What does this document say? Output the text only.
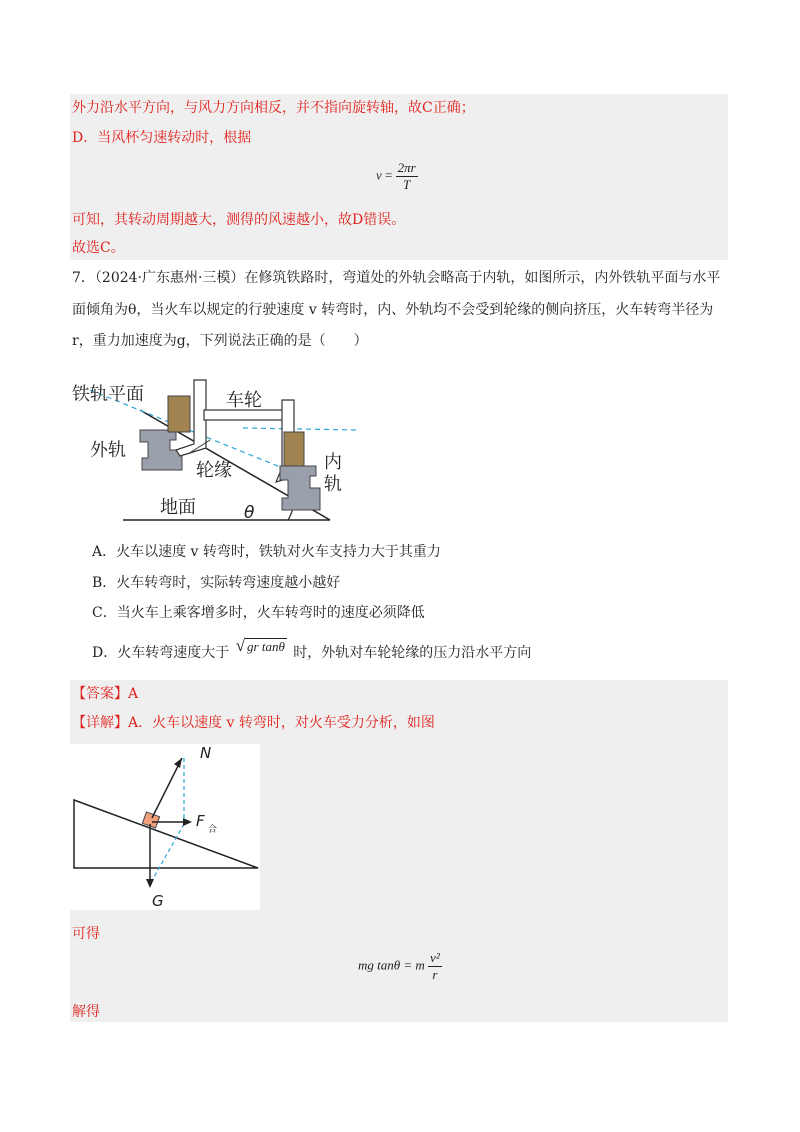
外力沿水平方向，与风力方向相反，并不指向旋转轴，故C正确；
D．当风杯匀速转动时，根据
$v = \frac{2\pi r}{T}$
可知，其转动周期越大，测得的风速越小，故D错误。
故选C。
7．（2024·广东惠州·三模）在修筑铁路时，弯道处的外轨会略高于内轨，如图所示，内外铁轨平面与水平
面倾角为θ，当火车以规定的行驶速度 v 转弯时，内、外轨均不会受到轮缘的侧向挤压，火车转弯半径为
r，重力加速度为g，下列说法正确的是（　　）
铁轨平面	车轮
外轨
轮缘	内
轨
地面	θ
A．火车以速度 v 转弯时，铁轨对火车支持力大于其重力
B．火车转弯时，实际转弯速度越小越好
C．当火车上乘客增多时，火车转弯时的速度必须降低
D．火车转弯速度大于 √ gr tanθ 时，外轨对车轮轮缘的压力沿水平方向
【答案】A
【详解】A．火车以速度 v 转弯时，对火车受力分析，如图
N
F 合
G
可得
mg tanθ = m $\frac{\text{v²}}{r}$
解得
